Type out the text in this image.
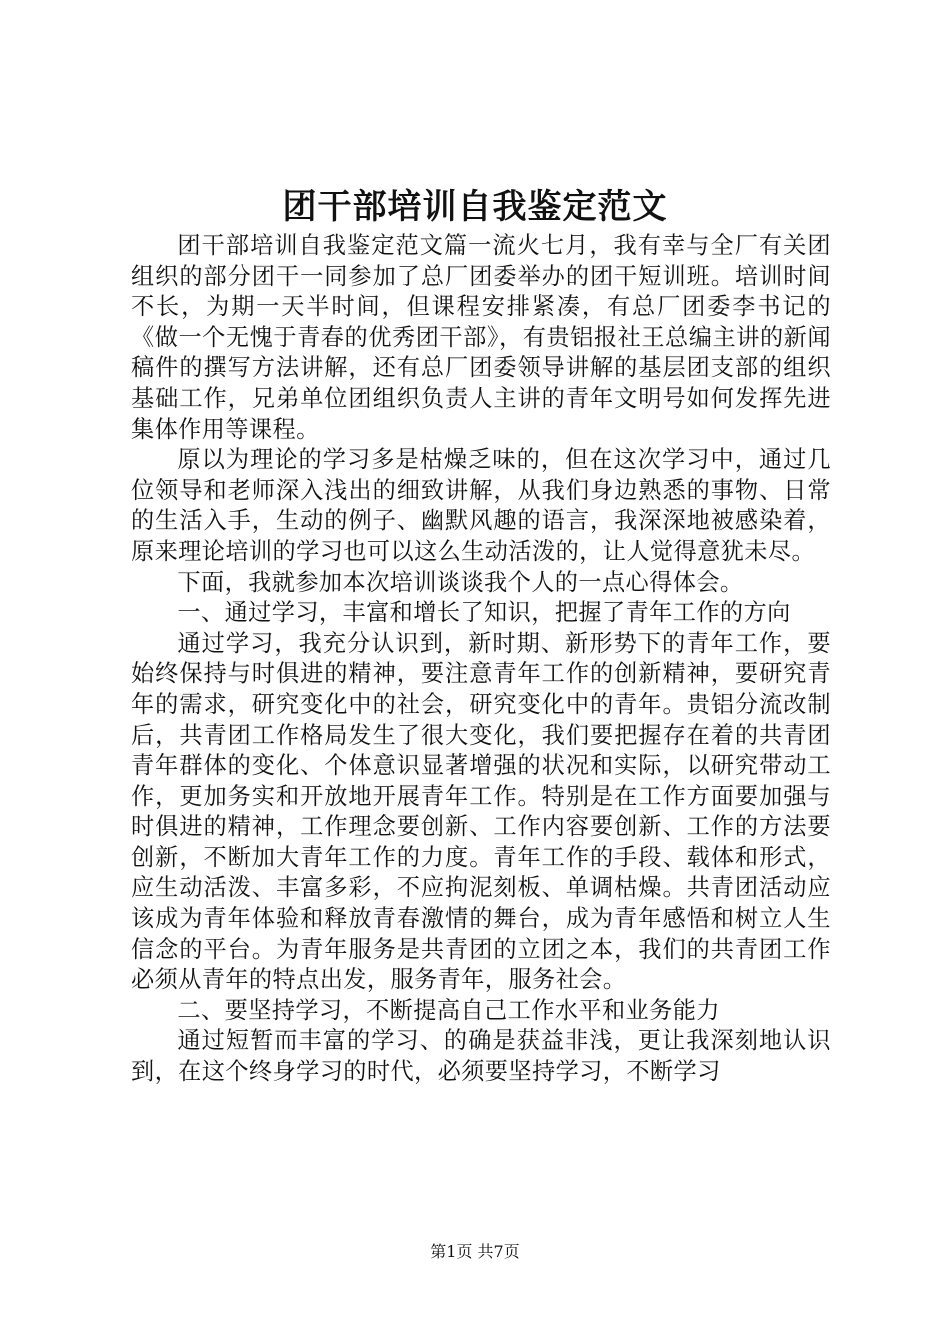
团干部培训自我鉴定范文

团干部培训自我鉴定范文篇一流火七月，我有幸与全厂有关团组织的部分团干一同参加了总厂团委举办的团干短训班。培训时间不长，为期一天半时间，但课程安排紧凑，有总厂团委李书记的《做一个无愧于青春的优秀团干部》，有贵铝报社王总编主讲的新闻稿件的撰写方法讲解，还有总厂团委领导讲解的基层团支部的组织基础工作，兄弟单位团组织负责人主讲的青年文明号如何发挥先进集体作用等课程。

原以为理论的学习多是枯燥乏味的，但在这次学习中，通过几位领导和老师深入浅出的细致讲解，从我们身边熟悉的事物、日常的生活入手，生动的例子、幽默风趣的语言，我深深地被感染着，原来理论培训的学习也可以这么生动活泼的，让人觉得意犹未尽。

下面，我就参加本次培训谈谈我个人的一点心得体会。

一、通过学习，丰富和增长了知识，把握了青年工作的方向

通过学习，我充分认识到，新时期、新形势下的青年工作，要始终保持与时俱进的精神，要注意青年工作的创新精神，要研究青年的需求，研究变化中的社会，研究变化中的青年。贵铝分流改制后，共青团工作格局发生了很大变化，我们要把握存在着的共青团青年群体的变化、个体意识显著增强的状况和实际，以研究带动工作，更加务实和开放地开展青年工作。特别是在工作方面要加强与时俱进的精神，工作理念要创新、工作内容要创新、工作的方法要创新，不断加大青年工作的力度。青年工作的手段、载体和形式，应生动活泼、丰富多彩，不应拘泥刻板、单调枯燥。共青团活动应该成为青年体验和释放青春激情的舞台，成为青年感悟和树立人生信念的平台。为青年服务是共青团的立团之本，我们的共青团工作必须从青年的特点出发，服务青年，服务社会。

二、要坚持学习，不断提高自己工作水平和业务能力

通过短暂而丰富的学习、的确是获益非浅，更让我深刻地认识到，在这个终身学习的时代，必须要坚持学习，不断学习

第1页 共7页
